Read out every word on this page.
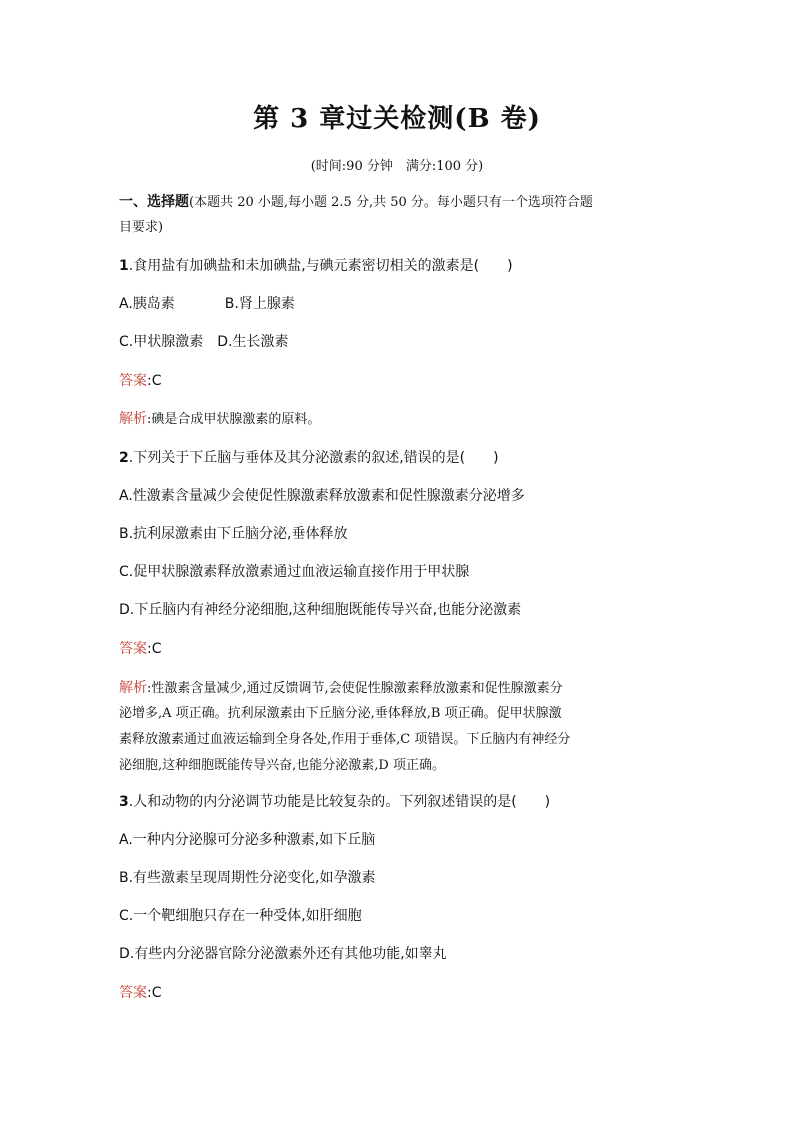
第 3 章过关检测(B 卷)
(时间:90 分钟　满分:100 分)
一、选择题(本题共 20 小题,每小题 2.5 分,共 50 分。每小题只有一个选项符合题
目要求)
1.食用盐有加碘盐和未加碘盐,与碘元素密切相关的激素是(　　)
A.胰岛素	B.肾上腺素
C.甲状腺激素 D.生长激素
答案:C
解析:碘是合成甲状腺激素的原料。
2.下列关于下丘脑与垂体及其分泌激素的叙述,错误的是(　　)
A.性激素含量减少会使促性腺激素释放激素和促性腺激素分泌增多
B.抗利尿激素由下丘脑分泌,垂体释放
C.促甲状腺激素释放激素通过血液运输直接作用于甲状腺
D.下丘脑内有神经分泌细胞,这种细胞既能传导兴奋,也能分泌激素
答案:C
解析:性激素含量减少,通过反馈调节,会使促性腺激素释放激素和促性腺激素分
泌增多,A 项正确。抗利尿激素由下丘脑分泌,垂体释放,B 项正确。促甲状腺激
素释放激素通过血液运输到全身各处,作用于垂体,C 项错误。下丘脑内有神经分
泌细胞,这种细胞既能传导兴奋,也能分泌激素,D 项正确。
3.人和动物的内分泌调节功能是比较复杂的。下列叙述错误的是(　　)
A.一种内分泌腺可分泌多种激素,如下丘脑
B.有些激素呈现周期性分泌变化,如孕激素
C.一个靶细胞只存在一种受体,如肝细胞
D.有些内分泌器官除分泌激素外还有其他功能,如睾丸
答案:C
